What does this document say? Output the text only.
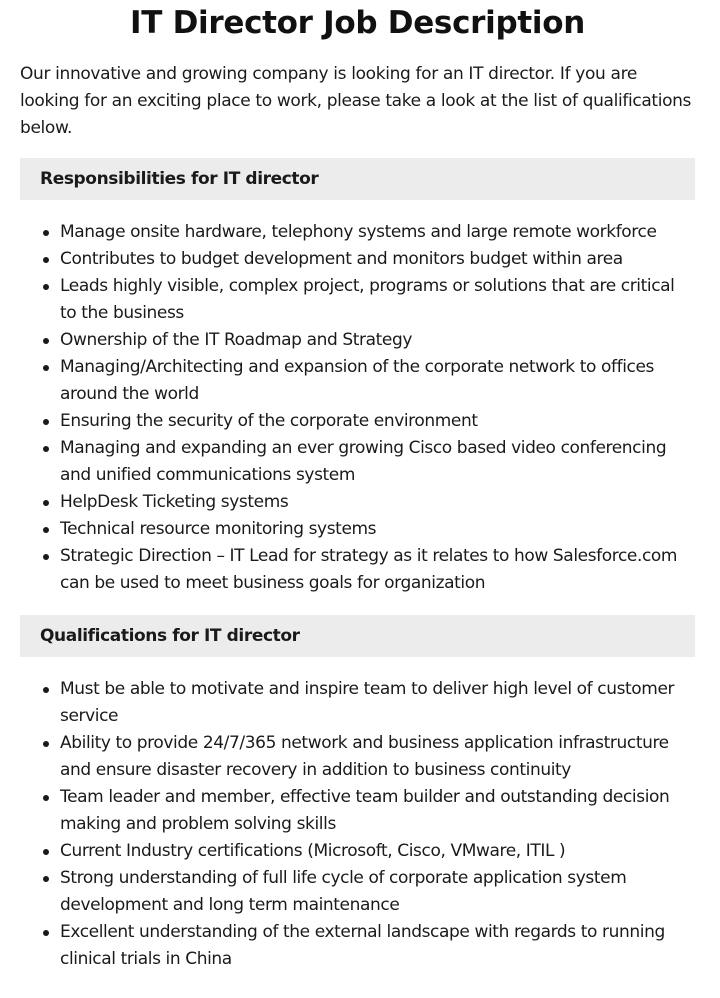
IT Director Job Description

Our innovative and growing company is looking for an IT director. If you are looking for an exciting place to work, please take a look at the list of qualifications below.

Responsibilities for IT director
Manage onsite hardware, telephony systems and large remote workforce
Contributes to budget development and monitors budget within area
Leads highly visible, complex project, programs or solutions that are critical to the business
Ownership of the IT Roadmap and Strategy
Managing/Architecting and expansion of the corporate network to offices around the world
Ensuring the security of the corporate environment
Managing and expanding an ever growing Cisco based video conferencing and unified communications system
HelpDesk Ticketing systems
Technical resource monitoring systems
Strategic Direction – IT Lead for strategy as it relates to how Salesforce.com can be used to meet business goals for organization
Qualifications for IT director
Must be able to motivate and inspire team to deliver high level of customer service
Ability to provide 24/7/365 network and business application infrastructure and ensure disaster recovery in addition to business continuity
Team leader and member, effective team builder and outstanding decision making and problem solving skills
Current Industry certifications (Microsoft, Cisco, VMware, ITIL )
Strong understanding of full life cycle of corporate application system development and long term maintenance
Excellent understanding of the external landscape with regards to running clinical trials in China
